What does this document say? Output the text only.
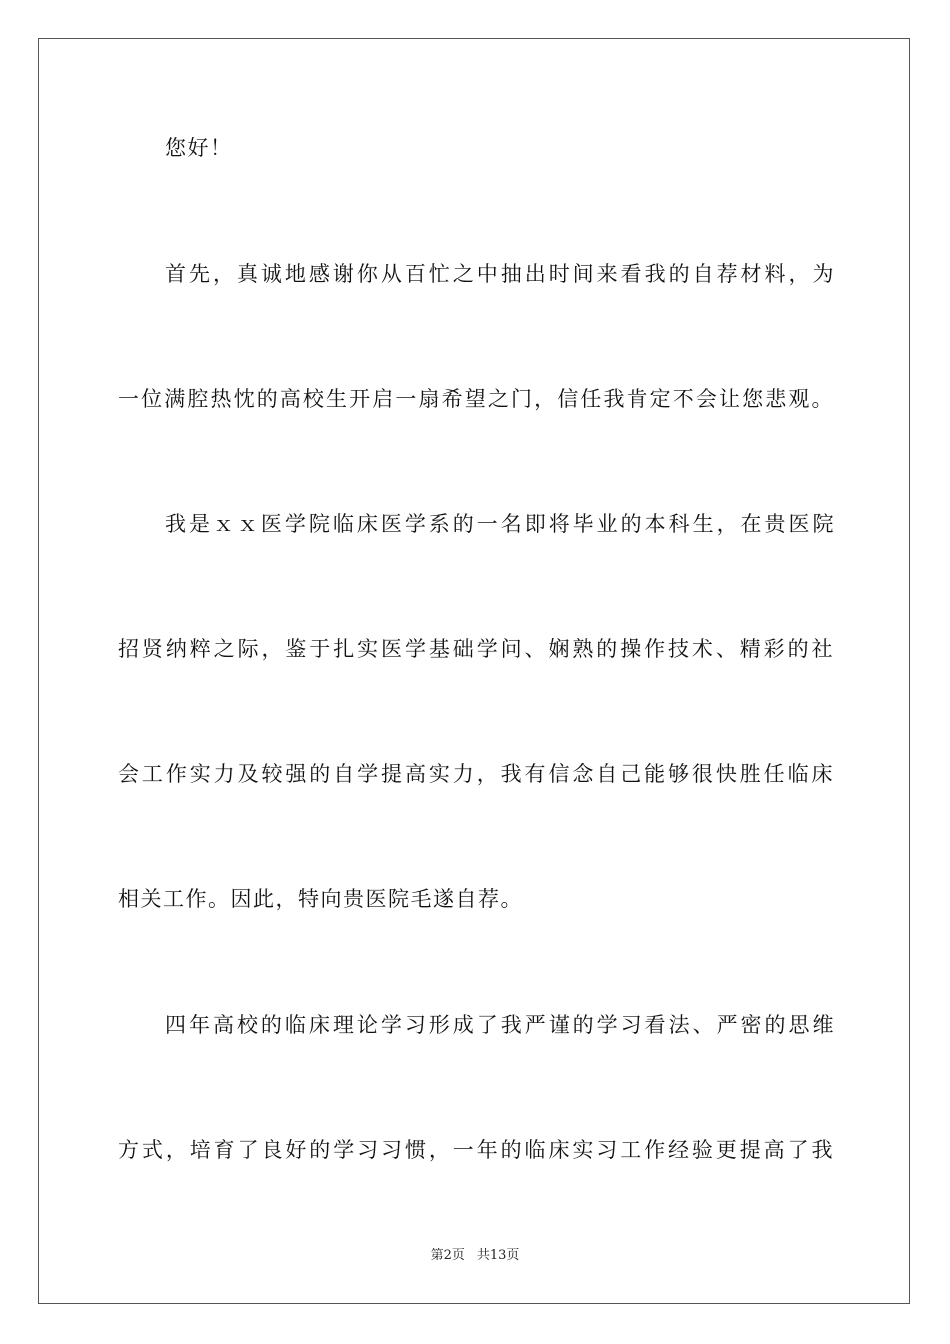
您好！
首先，真诚地感谢你从百忙之中抽出时间来看我的自荐材料，为
一位满腔热忱的高校生开启一扇希望之门，信任我肯定不会让您悲观。
我是ｘｘ医学院临床医学系的一名即将毕业的本科生，在贵医院
招贤纳粹之际，鉴于扎实医学基础学问、娴熟的操作技术、精彩的社
会工作实力及较强的自学提高实力，我有信念自己能够很快胜任临床
相关工作。因此，特向贵医院毛遂自荐。
四年高校的临床理论学习形成了我严谨的学习看法、严密的思维
方式，培育了良好的学习习惯，一年的临床实习工作经验更提高了我
第2页 共13页
